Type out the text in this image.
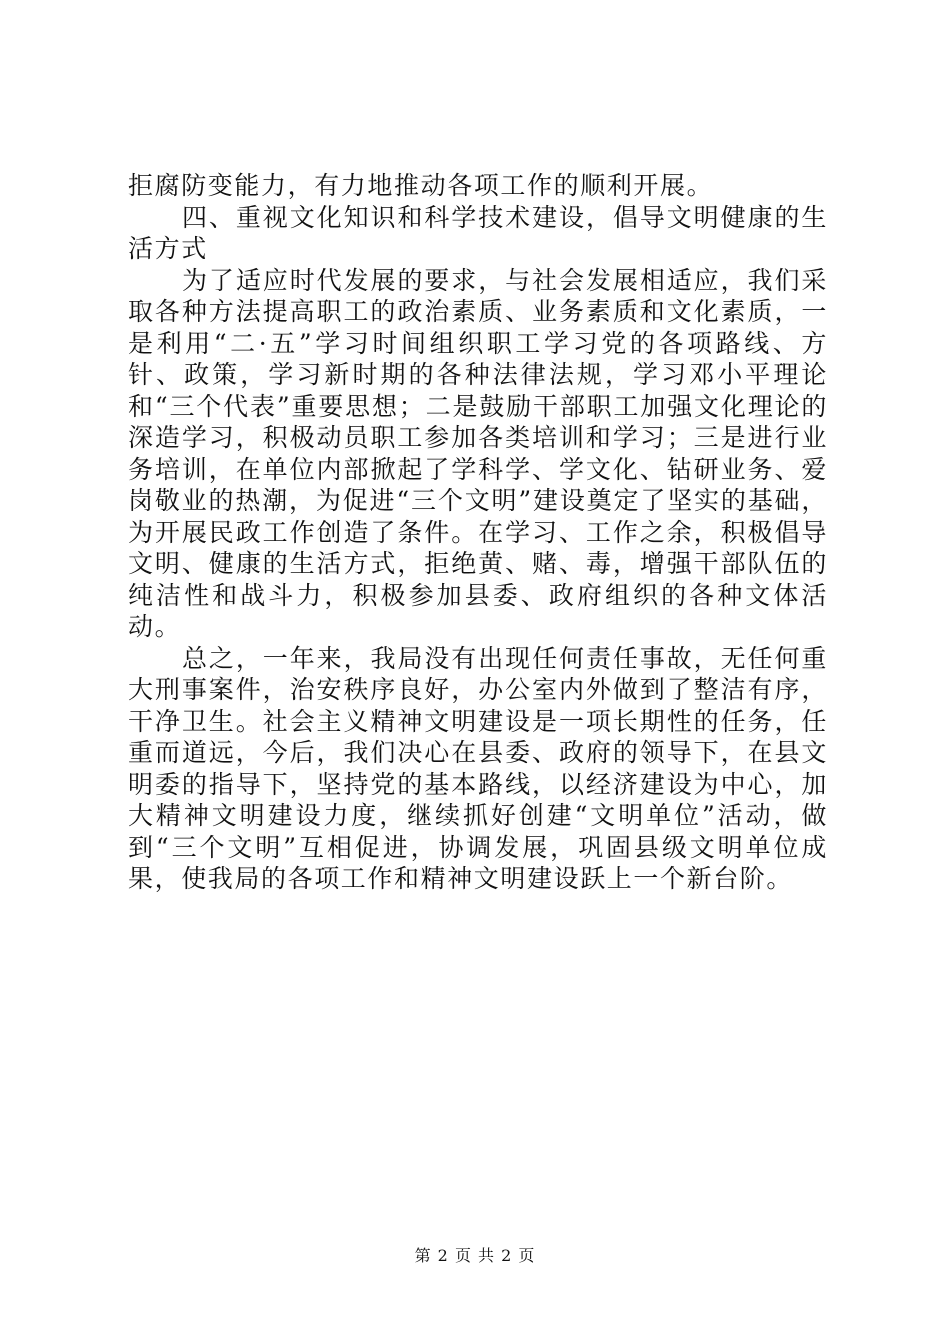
拒腐防变能力，有力地推动各项工作的顺利开展。

四、重视文化知识和科学技术建设，倡导文明健康的生活方式

为了适应时代发展的要求，与社会发展相适应，我们采取各种方法提高职工的政治素质、业务素质和文化素质，一是利用“二·五”学习时间组织职工学习党的各项路线、方针、政策，学习新时期的各种法律法规，学习邓小平理论和“三个代表”重要思想；二是鼓励干部职工加强文化理论的深造学习，积极动员职工参加各类培训和学习；三是进行业务培训，在单位内部掀起了学科学、学文化、钻研业务、爱岗敬业的热潮，为促进“三个文明”建设奠定了坚实的基础，为开展民政工作创造了条件。在学习、工作之余，积极倡导文明、健康的生活方式，拒绝黄、赌、毒，增强干部队伍的纯洁性和战斗力，积极参加县委、政府组织的各种文体活动。

总之，一年来，我局没有出现任何责任事故，无任何重大刑事案件，治安秩序良好，办公室内外做到了整洁有序，干净卫生。社会主义精神文明建设是一项长期性的任务，任重而道远，今后，我们决心在县委、政府的领导下，在县文明委的指导下，坚持党的基本路线，以经济建设为中心，加大精神文明建设力度，继续抓好创建“文明单位”活动，做到“三个文明”互相促进，协调发展，巩固县级文明单位成果，使我局的各项工作和精神文明建设跃上一个新台阶。

第 2 页 共 2 页
